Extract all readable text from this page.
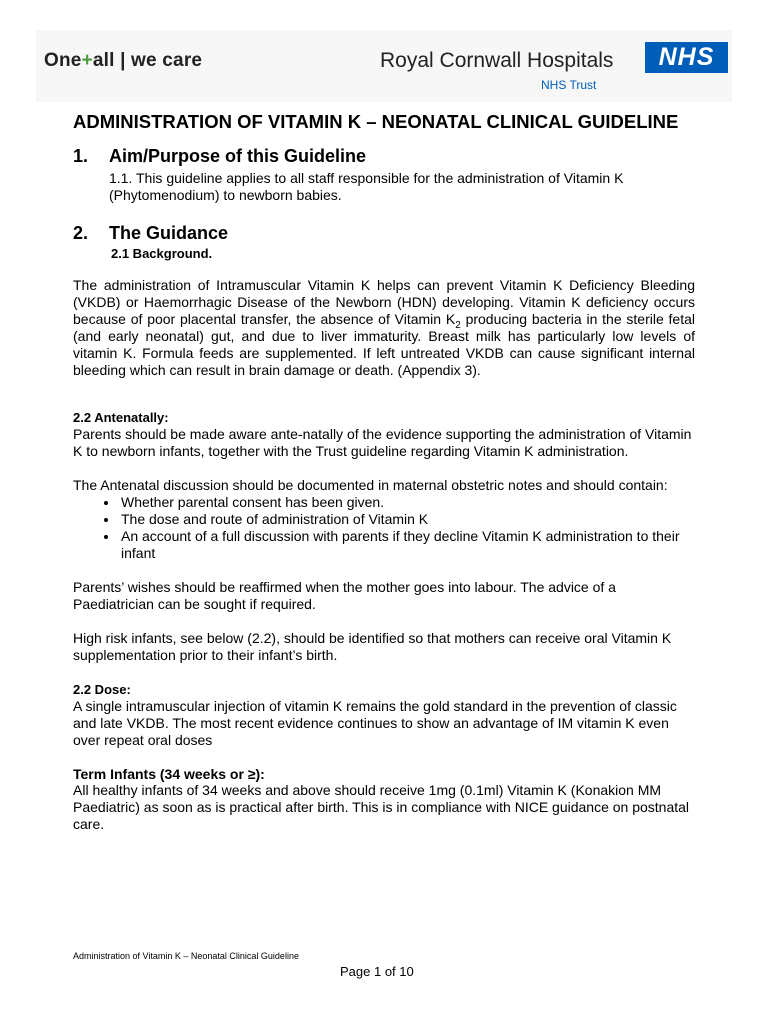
One+all | we care	Royal Cornwall Hospitals
NHS Trust
NHS
ADMINISTRATION OF VITAMIN K – NEONATAL CLINICAL GUIDELINE
1.	Aim/Purpose of this Guideline

1.1. This guideline applies to all staff responsible for the administration of Vitamin K (Phytomenodium) to newborn babies.

2.	The Guidance
2.1 Background.

The administration of Intramuscular Vitamin K helps can prevent Vitamin K Deficiency Bleeding (VKDB) or Haemorrhagic Disease of the Newborn (HDN) developing. Vitamin K deficiency occurs because of poor placental transfer, the absence of Vitamin $K_2$ producing bacteria in the sterile fetal (and early neonatal) gut, and due to liver immaturity. Breast milk has particularly low levels of vitamin K. Formula feeds are supplemented. If left untreated VKDB can cause significant internal bleeding which can result in brain damage or death. (Appendix 3).

2.2 Antenatally:

Parents should be made aware ante-natally of the evidence supporting the administration of Vitamin K to newborn infants, together with the Trust guideline regarding Vitamin K administration.

The Antenatal discussion should be documented in maternal obstetric notes and should contain:

• Whether parental consent has been given.
• The dose and route of administration of Vitamin K
• An account of a full discussion with parents if they decline Vitamin K administration to their infant

Parents’ wishes should be reaffirmed when the mother goes into labour. The advice of a Paediatrician can be sought if required.

High risk infants, see below (2.2), should be identified so that mothers can receive oral Vitamin K supplementation prior to their infant’s birth.

2.2 Dose:

A single intramuscular injection of vitamin K remains the gold standard in the prevention of classic and late VKDB. The most recent evidence continues to show an advantage of IM vitamin K even over repeat oral doses

Term Infants (34 weeks or ≥):

All healthy infants of 34 weeks and above should receive 1mg (0.1ml) Vitamin K (Konakion MM Paediatric) as soon as is practical after birth. This is in compliance with NICE guidance on postnatal care.

Administration of Vitamin K – Neonatal Clinical Guideline
Page 1 of 10
